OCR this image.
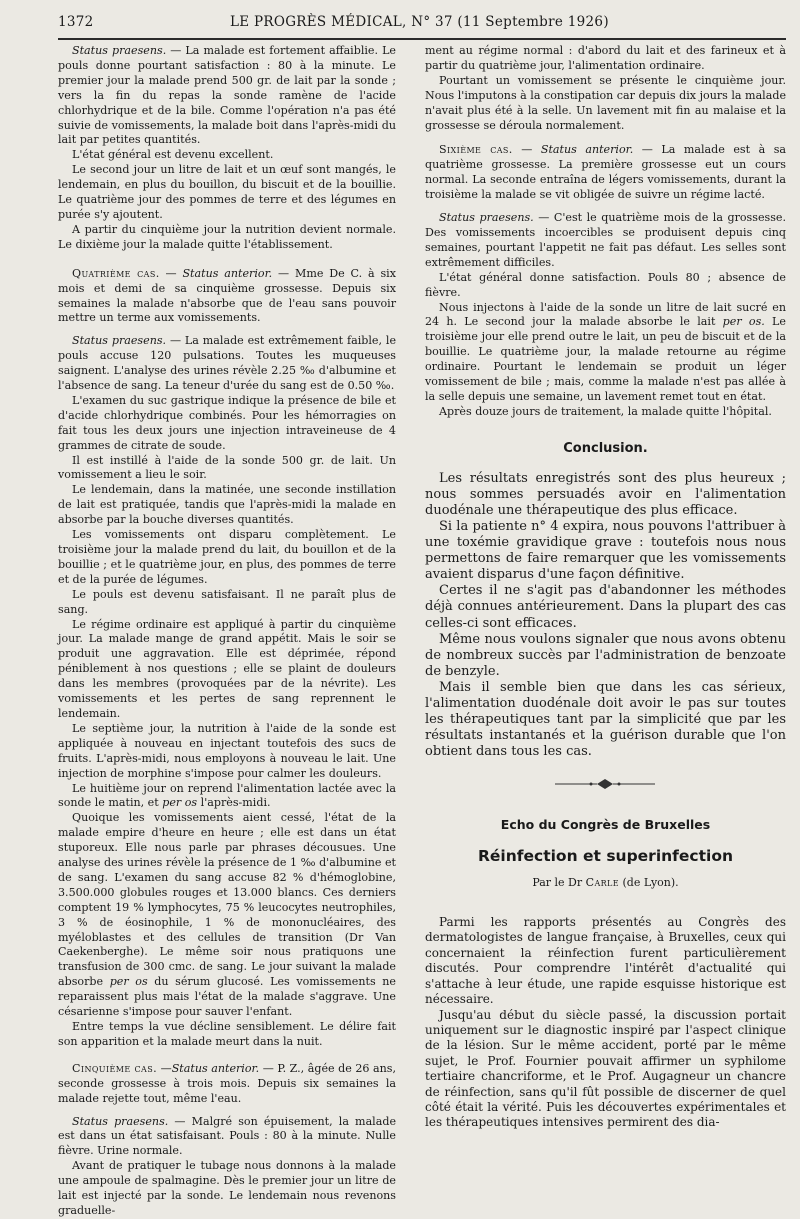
1372	LE PROGRÈS MÉDICAL, N° 37 (11 Septembre 1926)

Status praesens. — La malade est fortement affaiblie. Le pouls donne pourtant satisfaction : 80 à la minute. Le premier jour la malade prend 500 gr. de lait par la sonde ; vers la fin du repas la sonde ramène de l'acide chlorhydrique et de la bile. Comme l'opération n'a pas été suivie de vomissements, la malade boit dans l'après-midi du lait par petites quantités.

L'état général est devenu excellent.

Le second jour un litre de lait et un œuf sont mangés, le lendemain, en plus du bouillon, du biscuit et de la bouillie. Le quatrième jour des pommes de terre et des légumes en purée s'y ajoutent.

A partir du cinquième jour la nutrition devient normale. Le dixième jour la malade quitte l'établissement.

Quatrième cas. — Status anterior. — Mme De C. à six mois et demi de sa cinquième grossesse. Depuis six semaines la malade n'absorbe que de l'eau sans pouvoir mettre un terme aux vomissements.

Status praesens. — La malade est extrêmement faible, le pouls accuse 120 pulsations. Toutes les muqueuses saignent. L'analyse des urines révèle 2.25 ‰ d'albumine et l'absence de sang. La teneur d'urée du sang est de 0.50 ‰.

L'examen du suc gastrique indique la présence de bile et d'acide chlorhydrique combinés. Pour les hémorragies on fait tous les deux jours une injection intraveineuse de 4 grammes de citrate de soude.

Il est instillé à l'aide de la sonde 500 gr. de lait. Un vomissement a lieu le soir.

Le lendemain, dans la matinée, une seconde instillation de lait est pratiquée, tandis que l'après-midi la malade en absorbe par la bouche diverses quantités.

Les vomissements ont disparu complètement. Le troisième jour la malade prend du lait, du bouillon et de la bouillie ; et le quatrième jour, en plus, des pommes de terre et de la purée de légumes.

Le pouls est devenu satisfaisant. Il ne paraît plus de sang.

Le régime ordinaire est appliqué à partir du cinquième jour. La malade mange de grand appétit. Mais le soir se produit une aggravation. Elle est déprimée, répond péniblement à nos questions ; elle se plaint de douleurs dans les membres (provoquées par de la névrite). Les vomissements et les pertes de sang reprennent le lendemain.

Le septième jour, la nutrition à l'aide de la sonde est appliquée à nouveau en injectant toutefois des sucs de fruits. L'après-midi, nous employons à nouveau le lait. Une injection de morphine s'impose pour calmer les douleurs.

Le huitième jour on reprend l'alimentation lactée avec la sonde le matin, et per os l'après-midi.

Quoique les vomissements aient cessé, l'état de la malade empire d'heure en heure ; elle est dans un état stuporeux. Elle nous parle par phrases décousues. Une analyse des urines révèle la présence de 1 ‰ d'albumine et de sang. L'examen du sang accuse 82 % d'hémoglobine, 3.500.000 globules rouges et 13.000 blancs. Ces derniers comptent 19 % lymphocytes, 75 % leucocytes neutrophiles, 3 % de éosinophile, 1 % de mononucléaires, des myéloblastes et des cellules de transition (Dr Van Caekenberghe). Le même soir nous pratiquons une transfusion de 300 cmc. de sang. Le jour suivant la malade absorbe per os du sérum glucosé. Les vomissements ne reparaissent plus mais l'état de la malade s'aggrave. Une césarienne s'impose pour sauver l'enfant.

Entre temps la vue décline sensiblement. Le délire fait son apparition et la malade meurt dans la nuit.

Cinquième cas. —Status anterior. — P. Z., âgée de 26 ans, seconde grossesse à trois mois. Depuis six semaines la malade rejette tout, même l'eau.

Status praesens. — Malgré son épuisement, la malade est dans un état satisfaisant. Pouls : 80 à la minute. Nulle fièvre. Urine normale.

Avant de pratiquer le tubage nous donnons à la malade une ampoule de spalmagine. Dès le premier jour un litre de lait est injecté par la sonde. Le lendemain nous revenons graduelle-

ment au régime normal : d'abord du lait et des farineux et à partir du quatrième jour, l'alimentation ordinaire.

Pourtant un vomissement se présente le cinquième jour. Nous l'imputons à la constipation car depuis dix jours la malade n'avait plus été à la selle. Un lavement mit fin au malaise et la grossesse se déroula normalement.

Sixième cas. — Status anterior. — La malade est à sa quatrième grossesse. La première grossesse eut un cours normal. La seconde entraîna de légers vomissements, durant la troisième la malade se vit obligée de suivre un régime lacté.

Status praesens. — C'est le quatrième mois de la grossesse. Des vomissements incoercibles se produisent depuis cinq semaines, pourtant l'appetit ne fait pas défaut. Les selles sont extrêmement difficiles.

L'état général donne satisfaction. Pouls 80 ; absence de fièvre.

Nous injectons à l'aide de la sonde un litre de lait sucré en 24 h. Le second jour la malade absorbe le lait per os. Le troisième jour elle prend outre le lait, un peu de biscuit et de la bouillie. Le quatrième jour, la malade retourne au régime ordinaire. Pourtant le lendemain se produit un léger vomissement de bile ; mais, comme la malade n'est pas allée à la selle depuis une semaine, un lavement remet tout en état.

Après douze jours de traitement, la malade quitte l'hôpital.

Conclusion.

Les résultats enregistrés sont des plus heureux ; nous sommes persuadés avoir en l'alimentation duodénale une thérapeutique des plus efficace.

Si la patiente n° 4 expira, nous pouvons l'attribuer à une toxémie gravidique grave : toutefois nous nous permettons de faire remarquer que les vomissements avaient disparus d'une façon définitive.

Certes il ne s'agit pas d'abandonner les méthodes déjà connues antérieurement. Dans la plupart des cas celles-ci sont efficaces.

Même nous voulons signaler que nous avons obtenu de nombreux succès par l'administration de benzoate de benzyle.

Mais il semble bien que dans les cas sérieux, l'alimentation duodénale doit avoir le pas sur toutes les thérapeutiques tant par la simplicité que par les résultats instantanés et la guérison durable que l'on obtient dans tous les cas.

Echo du Congrès de Bruxelles
Réinfection et superinfection
Par le Dr Carle (de Lyon).

Parmi les rapports présentés au Congrès des dermatologistes de langue française, à Bruxelles, ceux qui concernaient la réinfection furent particulièrement discutés. Pour comprendre l'intérêt d'actualité qui s'attache à leur étude, une rapide esquisse historique est nécessaire.

Jusqu'au début du siècle passé, la discussion portait uniquement sur le diagnostic inspiré par l'aspect clinique de la lésion. Sur le même accident, porté par le même sujet, le Prof. Fournier pouvait affirmer un syphilome tertiaire chancriforme, et le Prof. Augagneur un chancre de réinfection, sans qu'il fût possible de discerner de quel côté était la vérité. Puis les découvertes expérimentales et les thérapeutiques intensives permirent des dia-
